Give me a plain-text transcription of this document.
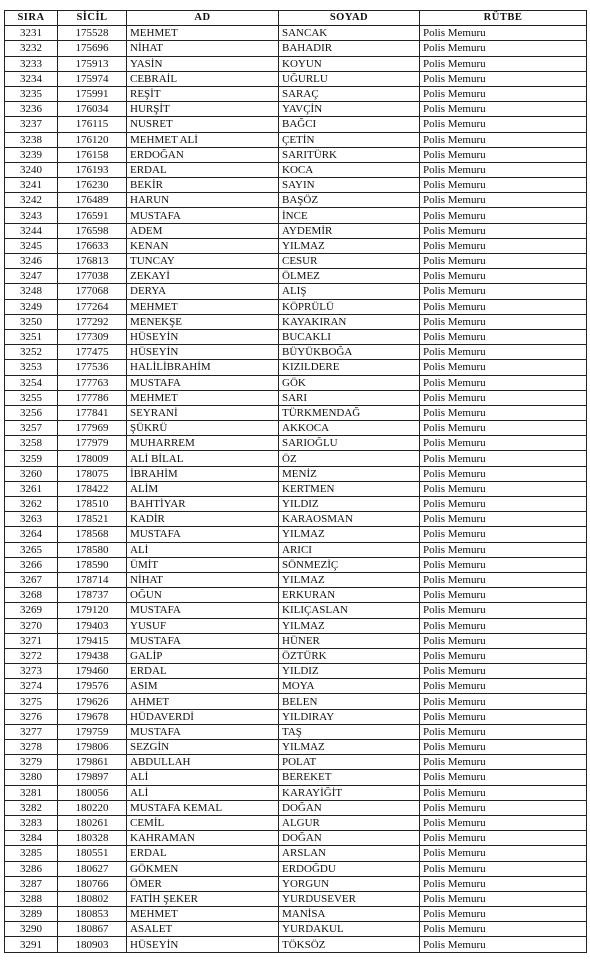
SIRA	SİCİL	AD	SOYAD	RÜTBE
3231	175528	MEHMET	SANCAK	Polis Memuru
3232	175696	NİHAT	BAHADIR	Polis Memuru
3233	175913	YASİN	KOYUN	Polis Memuru
3234	175974	CEBRAİL	UĞURLU	Polis Memuru
3235	175991	REŞİT	SARAÇ	Polis Memuru
3236	176034	HURŞİT	YAVÇİN	Polis Memuru
3237	176115	NUSRET	BAĞCI	Polis Memuru
3238	176120	MEHMET ALİ	ÇETİN	Polis Memuru
3239	176158	ERDOĞAN	SARITÜRK	Polis Memuru
3240	176193	ERDAL	KOCA	Polis Memuru
3241	176230	BEKİR	SAYIN	Polis Memuru
3242	176489	HARUN	BAŞÖZ	Polis Memuru
3243	176591	MUSTAFA	İNCE	Polis Memuru
3244	176598	ADEM	AYDEMİR	Polis Memuru
3245	176633	KENAN	YILMAZ	Polis Memuru
3246	176813	TUNCAY	CESUR	Polis Memuru
3247	177038	ZEKAYİ	ÖLMEZ	Polis Memuru
3248	177068	DERYA	ALIŞ	Polis Memuru
3249	177264	MEHMET	KÖPRÜLÜ	Polis Memuru
3250	177292	MENEKŞE	KAYAKIRAN	Polis Memuru
3251	177309	HÜSEYİN	BUCAKLI	Polis Memuru
3252	177475	HÜSEYİN	BÜYÜKBOĞA	Polis Memuru
3253	177536	HALİLİBRAHİM	KIZILDERE	Polis Memuru
3254	177763	MUSTAFA	GÖK	Polis Memuru
3255	177786	MEHMET	SARI	Polis Memuru
3256	177841	SEYRANİ	TÜRKMENDAĞ	Polis Memuru
3257	177969	ŞÜKRÜ	AKKOCA	Polis Memuru
3258	177979	MUHARREM	SARIOĞLU	Polis Memuru
3259	178009	ALİ BİLAL	ÖZ	Polis Memuru
3260	178075	İBRAHİM	MENİZ	Polis Memuru
3261	178422	ALİM	KERTMEN	Polis Memuru
3262	178510	BAHTİYAR	YILDIZ	Polis Memuru
3263	178521	KADİR	KARAOSMAN	Polis Memuru
3264	178568	MUSTAFA	YILMAZ	Polis Memuru
3265	178580	ALİ	ARICI	Polis Memuru
3266	178590	ÜMİT	SÖNMEZİÇ	Polis Memuru
3267	178714	NİHAT	YILMAZ	Polis Memuru
3268	178737	OĞUN	ERKURAN	Polis Memuru
3269	179120	MUSTAFA	KILIÇASLAN	Polis Memuru
3270	179403	YUSUF	YILMAZ	Polis Memuru
3271	179415	MUSTAFA	HÜNER	Polis Memuru
3272	179438	GALİP	ÖZTÜRK	Polis Memuru
3273	179460	ERDAL	YILDIZ	Polis Memuru
3274	179576	ASIM	MOYA	Polis Memuru
3275	179626	AHMET	BELEN	Polis Memuru
3276	179678	HÜDAVERDİ	YILDIRAY	Polis Memuru
3277	179759	MUSTAFA	TAŞ	Polis Memuru
3278	179806	SEZGİN	YILMAZ	Polis Memuru
3279	179861	ABDULLAH	POLAT	Polis Memuru
3280	179897	ALİ	BEREKET	Polis Memuru
3281	180056	ALİ	KARAYİĞİT	Polis Memuru
3282	180220	MUSTAFA KEMAL	DOĞAN	Polis Memuru
3283	180261	CEMİL	ALGUR	Polis Memuru
3284	180328	KAHRAMAN	DOĞAN	Polis Memuru
3285	180551	ERDAL	ARSLAN	Polis Memuru
3286	180627	GÖKMEN	ERDOĞDU	Polis Memuru
3287	180766	ÖMER	YORGUN	Polis Memuru
3288	180802	FATİH ŞEKER	YURDUSEVER	Polis Memuru
3289	180853	MEHMET	MANİSA	Polis Memuru
3290	180867	ASALET	YURDAKUL	Polis Memuru
3291	180903	HÜSEYİN	TÖKSÖZ	Polis Memuru
